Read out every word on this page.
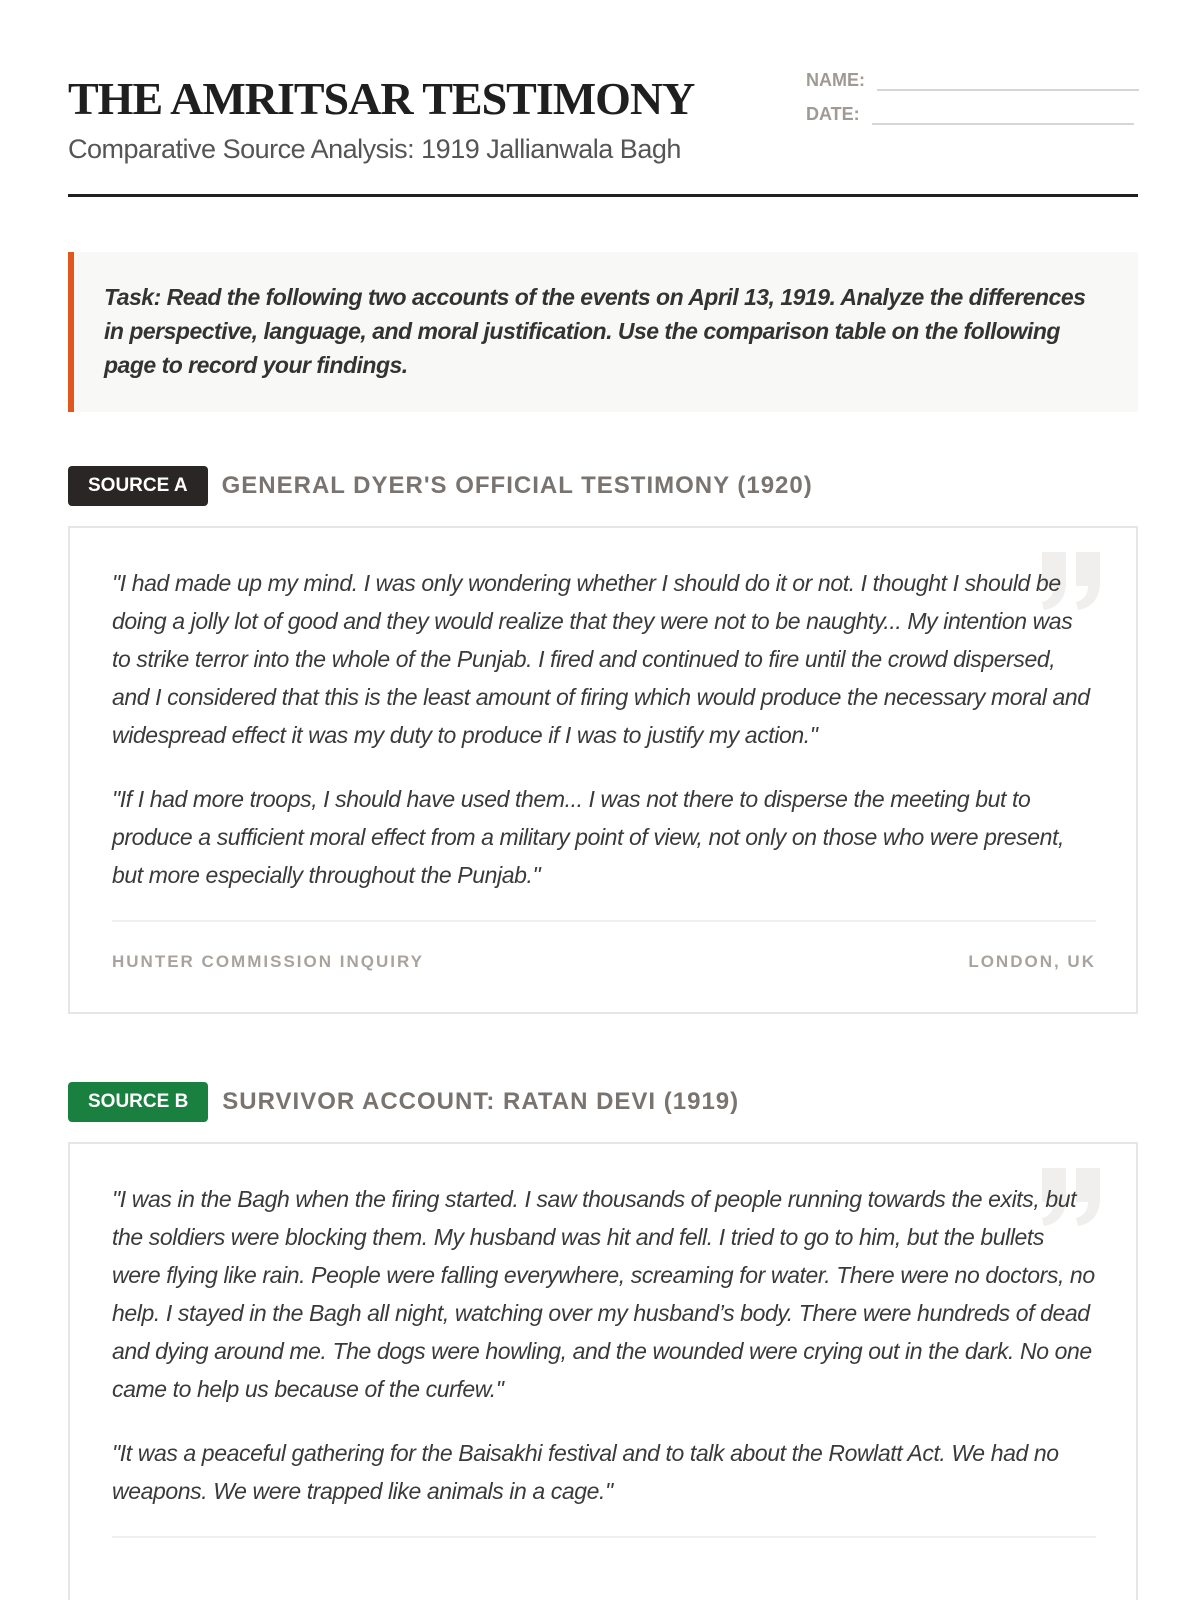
THE AMRITSAR TESTIMONY
Comparative Source Analysis: 1919 Jallianwala Bagh
NAME:
DATE:
Task: Read the following two accounts of the events on April 13, 1919. Analyze the differences in perspective, language, and moral justification. Use the comparison table on the following page to record your findings.
SOURCE A	GENERAL DYER'S OFFICIAL TESTIMONY (1920)

"I had made up my mind. I was only wondering whether I should do it or not. I thought I should be doing a jolly lot of good and they would realize that they were not to be naughty... My intention was to strike terror into the whole of the Punjab. I fired and continued to fire until the crowd dispersed, and I considered that this is the least amount of firing which would produce the necessary moral and widespread effect it was my duty to produce if I was to justify my action."

"If I had more troops, I should have used them... I was not there to disperse the meeting but to produce a sufficient moral effect from a military point of view, not only on those who were present, but more especially throughout the Punjab."

HUNTER COMMISSION INQUIRY	LONDON, UK
SOURCE B	SURVIVOR ACCOUNT: RATAN DEVI (1919)

"I was in the Bagh when the firing started. I saw thousands of people running towards the exits, but the soldiers were blocking them. My husband was hit and fell. I tried to go to him, but the bullets were flying like rain. People were falling everywhere, screaming for water. There were no doctors, no help. I stayed in the Bagh all night, watching over my husband’s body. There were hundreds of dead and dying around me. The dogs were howling, and the wounded were crying out in the dark. No one came to help us because of the curfew."

"It was a peaceful gathering for the Baisakhi festival and to talk about the Rowlatt Act. We had no weapons. We were trapped like animals in a cage."
